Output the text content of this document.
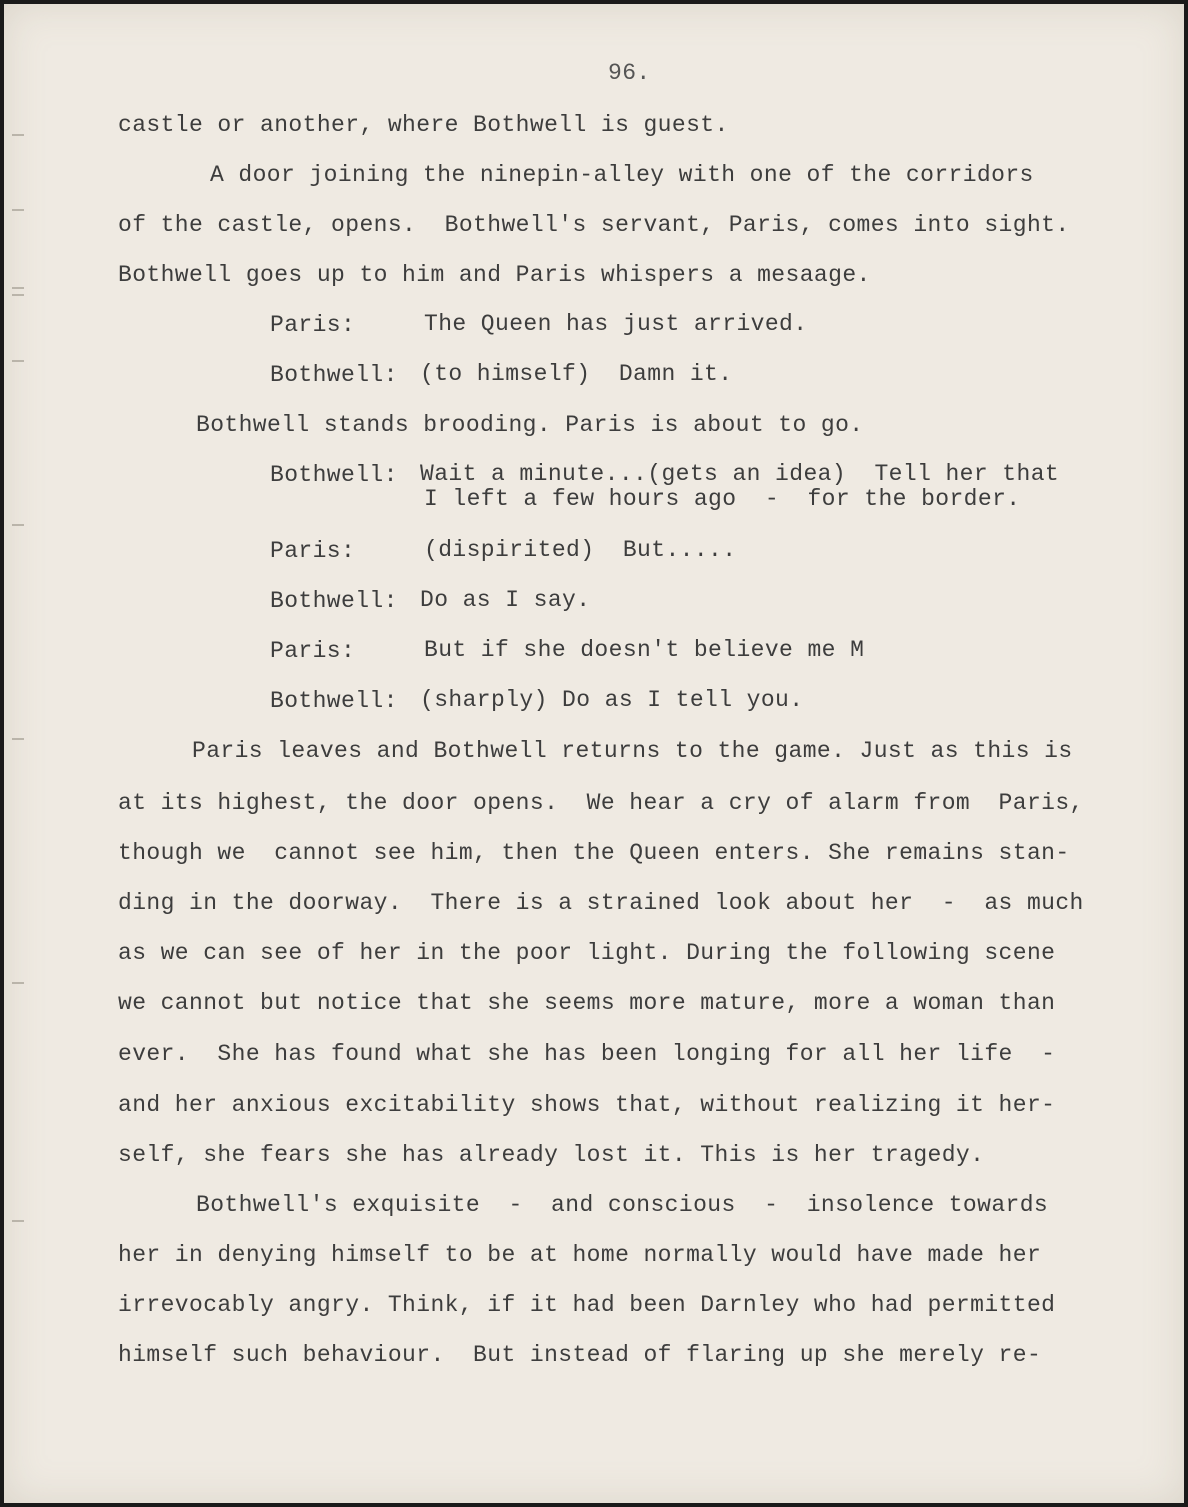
96.
castle or another, where Bothwell is guest.
A door joining the ninepin-alley with one of the corridors
of the castle, opens.  Bothwell's servant, Paris, comes into sight.
Bothwell goes up to him and Paris whispers a mesaage.
Paris:	The Queen has just arrived.
Bothwell: (to himself)  Damn it.
Bothwell stands brooding. Paris is about to go.
Bothwell: Wait a minute...(gets an idea)  Tell her that
I left a few hours ago  -  for the border.
Paris:	(dispirited)  But.....
Bothwell: Do as I say.
Paris:	But if she doesn't believe me M
Bothwell: (sharply) Do as I tell you.
Paris leaves and Bothwell returns to the game. Just as this is
at its highest, the door opens.  We hear a cry of alarm from  Paris,
though we  cannot see him, then the Queen enters. She remains stan-
ding in the doorway.  There is a strained look about her  -  as much
as we can see of her in the poor light. During the following scene
we cannot but notice that she seems more mature, more a woman than
ever.  She has found what she has been longing for all her life  -
and her anxious excitability shows that, without realizing it her-
self, she fears she has already lost it. This is her tragedy.
Bothwell's exquisite  -  and conscious  -  insolence towards
her in denying himself to be at home normally would have made her
irrevocably angry. Think, if it had been Darnley who had permitted
himself such behaviour.  But instead of flaring up she merely re-
